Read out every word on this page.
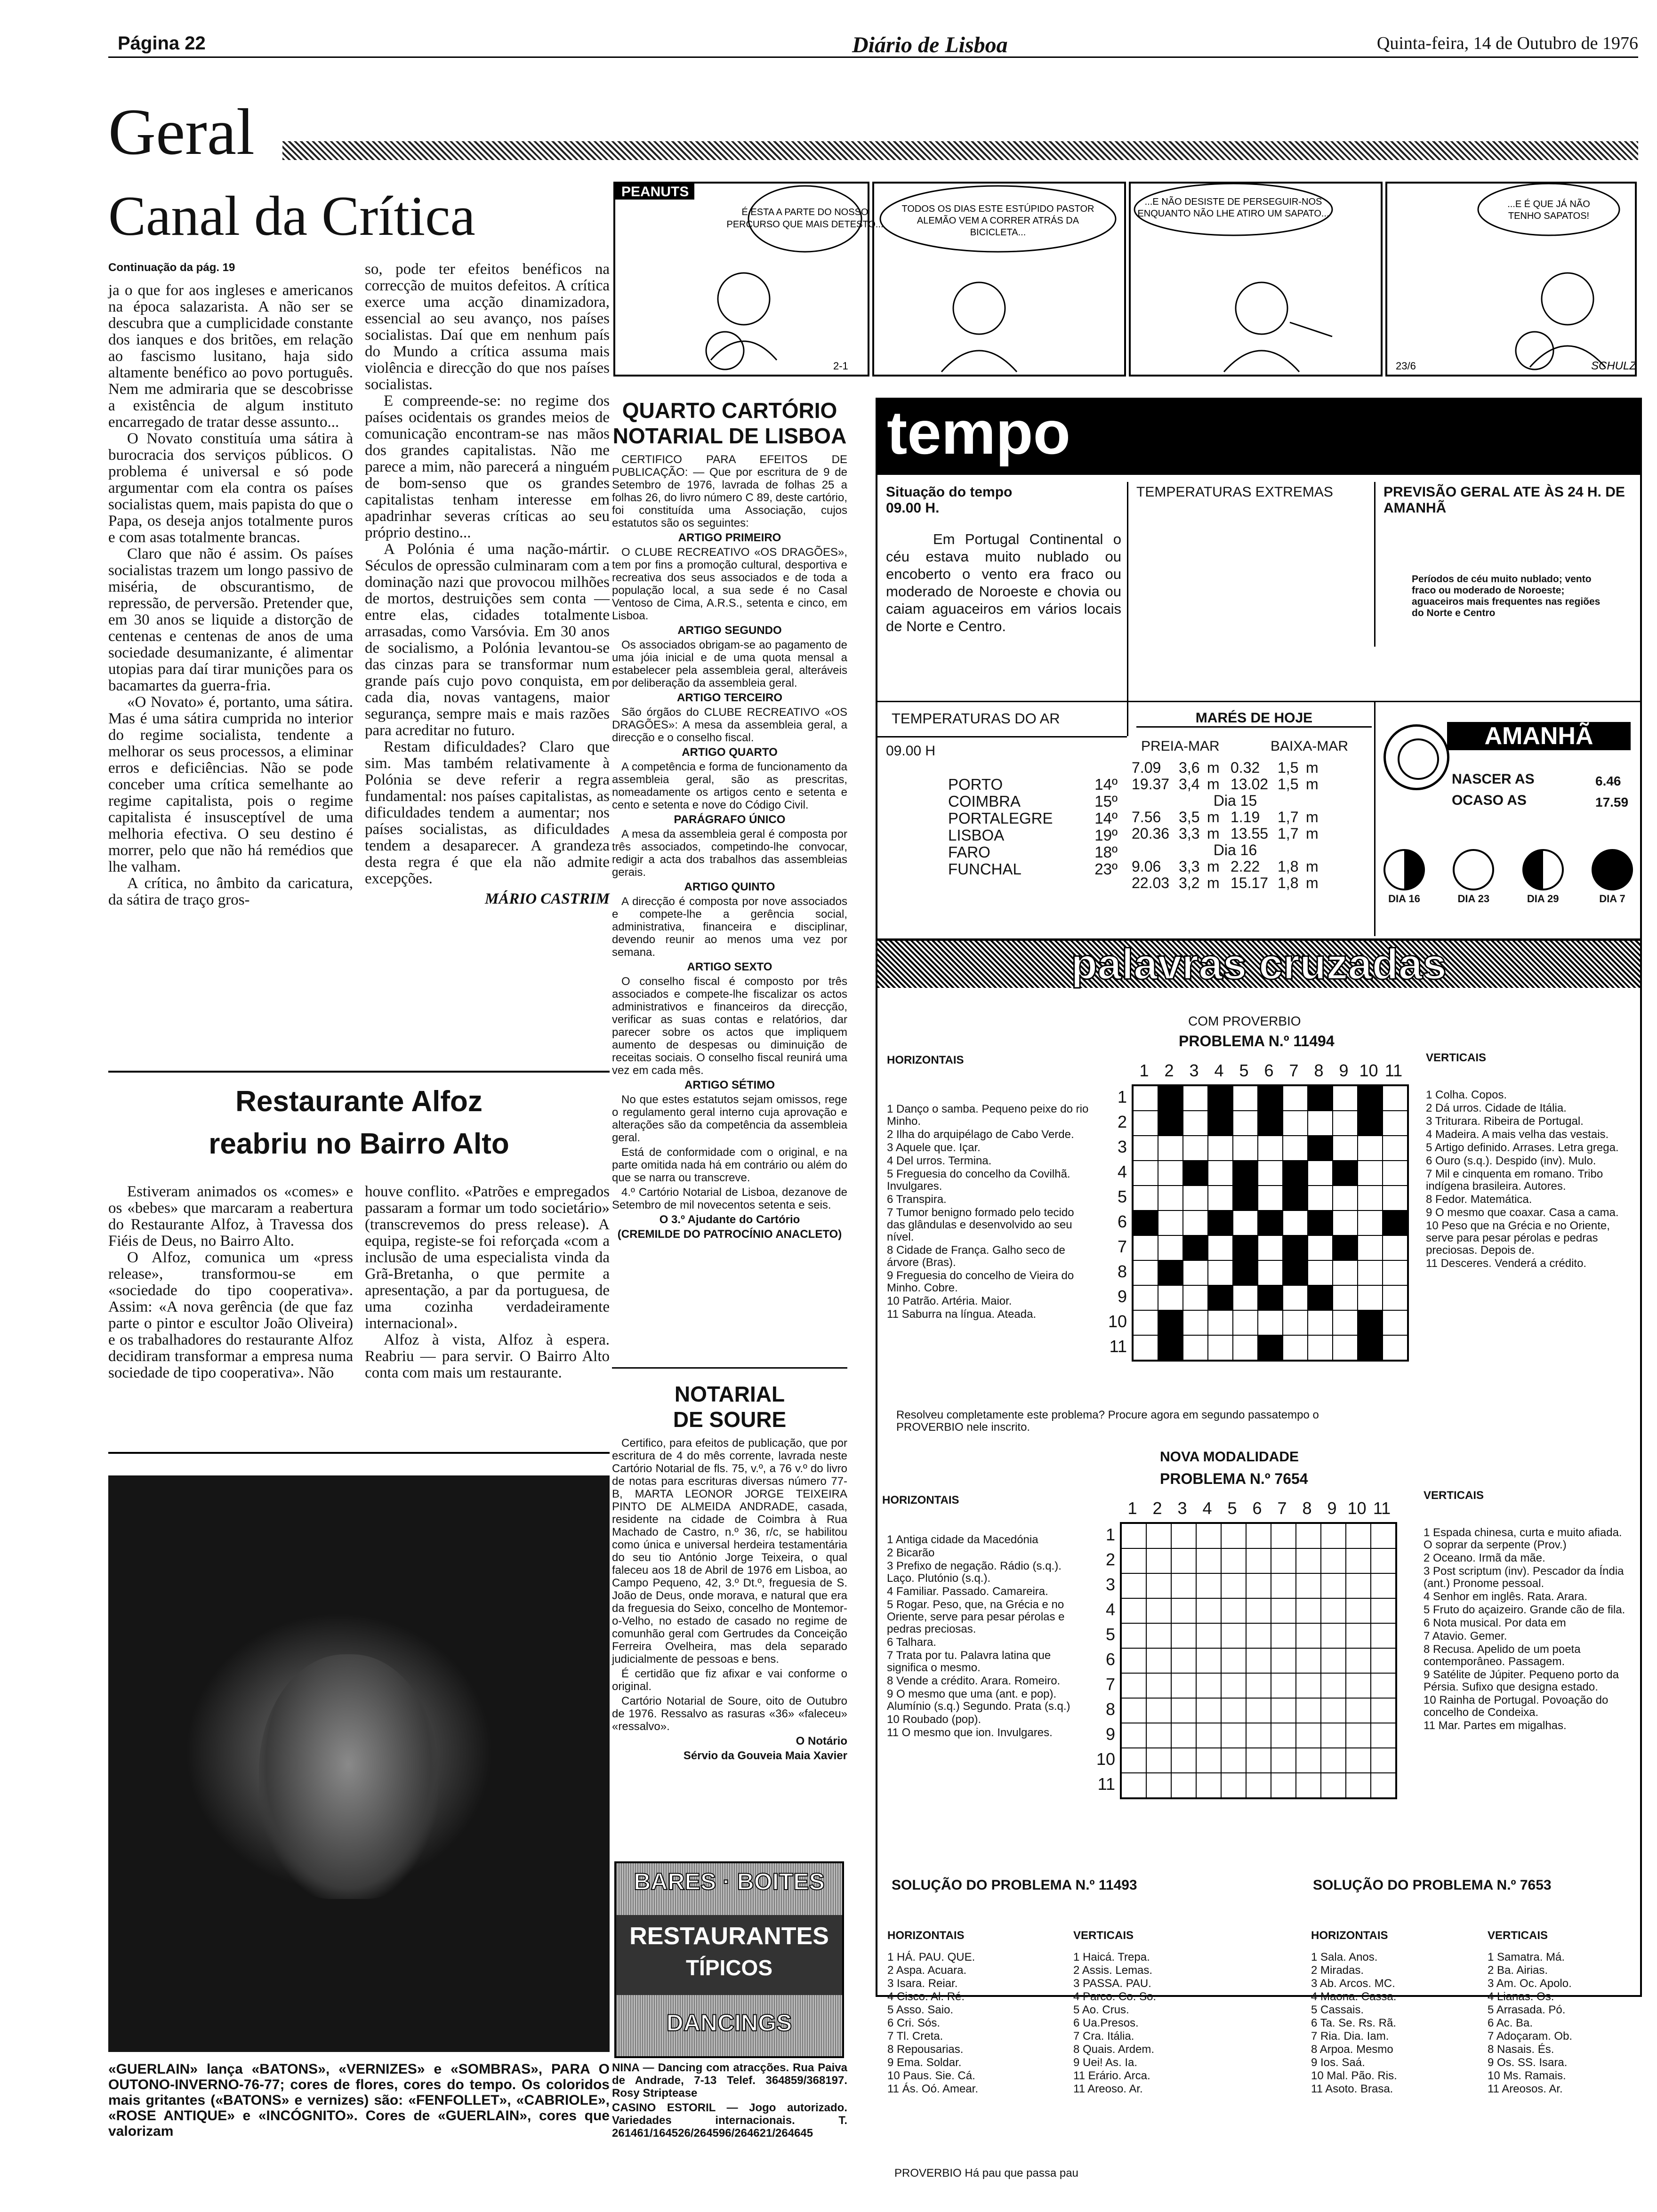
Página 22	Diário de Lisboa	Quinta-feira, 14 de Outubro de 1976
Geral
Canal da Crítica
Continuação da pág. 19

ja o que for aos ingleses e americanos na época salazarista. A não ser se descubra que a cumplicidade constante dos ianques e dos britões, em relação ao fascismo lusitano, haja sido altamente benéfico ao povo português. Nem me admiraria que se descobrisse a existência de algum instituto encarregado de tratar desse assunto...

O Novato constituía uma sátira à burocracia dos serviços públicos. O problema é universal e só pode argumentar com ela contra os países socialistas quem, mais papista do que o Papa, os deseja anjos totalmente puros e com asas totalmente brancas.

Claro que não é assim. Os países socialistas trazem um longo passivo de miséria, de obscurantismo, de repressão, de perversão. Pretender que, em 30 anos se liquide a distorção de centenas e centenas de anos de uma sociedade desumanizante, é alimentar utopias para daí tirar munições para os bacamartes da guerra-fria.

«O Novato» é, portanto, uma sátira. Mas é uma sátira cumprida no interior do regime socialista, tendente a melhorar os seus processos, a eliminar erros e deficiências. Não se pode conceber uma crítica semelhante ao regime capitalista, pois o regime capitalista é insusceptível de uma melhoria efectiva. O seu destino é morrer, pelo que não há remédios que lhe valham.

A crítica, no âmbito da caricatura, da sátira de traço gros-

so, pode ter efeitos benéficos na correcção de muitos defeitos. A crítica exerce uma acção dinamizadora, essencial ao seu avanço, nos países socialistas. Daí que em nenhum país do Mundo a crítica assuma mais violência e direcção do que nos países socialistas.

E compreende-se: no regime dos países ocidentais os grandes meios de comunicação encontram-se nas mãos dos grandes capitalistas. Não me parece a mim, não parecerá a ninguém de bom-senso que os grandes capitalistas tenham interesse em apadrinhar severas críticas ao seu próprio destino...

A Polónia é uma nação-mártir. Séculos de opressão culminaram com a dominação nazi que provocou milhões de mortos, destruições sem conta — entre elas, cidades totalmente arrasadas, como Varsóvia. Em 30 anos de socialismo, a Polónia levantou-se das cinzas para se transformar num grande país cujo povo conquista, em cada dia, novas vantagens, maior segurança, sempre mais e mais razões para acreditar no futuro.

Restam dificuldades? Claro que sim. Mas também relativamente à Polónia se deve referir a regra fundamental: nos países capitalistas, as dificuldades tendem a aumentar; nos países socialistas, as dificuldades tendem a desaparecer. A grandeza desta regra é que ela não admite excepções.

MÁRIO CASTRIM
Restaurante Alfoz
reabriu no Bairro Alto

Estiveram animados os «comes» e os «bebes» que marcaram a reabertura do Restaurante Alfoz, à Travessa dos Fiéis de Deus, no Bairro Alto.

O Alfoz, comunica um «press release», transformou-se em «sociedade do tipo cooperativa». Assim: «A nova gerência (de que faz parte o pintor e escultor João Oliveira) e os trabalhadores do restaurante Alfoz decidiram transformar a empresa numa sociedade de tipo cooperativa». Não

houve conflito. «Patrões e empregados passaram a formar um todo societário» (transcrevemos do press release). A equipa, registe-se foi reforçada «com a inclusão de uma especialista vinda da Grã-Bretanha, o que permite a apresentação, a par da portuguesa, de uma cozinha verdadeiramente internacional».

Alfoz à vista, Alfoz à espera. Reabriu — para servir. O Bairro Alto conta com mais um restaurante.

«GUERLAIN» lança «BATONS», «VERNIZES» e «SOMBRAS», PARA O OUTONO-INVERNO-76-77; cores de flores, cores do tempo. Os coloridos mais gritantes («BATONS» e vernizes) são: «FENFOLLET», «CABRIOLE», «ROSE ANTIQUE» e «INCÓGNITO». Cores de «GUERLAIN», cores que valorizam
PEANUTS
É ESTA A PARTE DO NOSSO
PERCURSO QUE MAIS DETESTO...
TODOS OS DIAS ESTE ESTÚPIDO PASTOR
ALEMÃO VEM A CORRER ATRÁS DA
BICICLETA...
...E NÃO DESISTE DE PERSEGUIR-NOS
ENQUANTO NÃO LHE ATIRO UM SAPATO...
...E É QUE JÁ NÃO
TENHO SAPATOS!
2-1	23/6	SCHULZ
QUARTO CARTÓRIO
NOTARIAL DE LISBOA

CERTIFICO PARA EFEITOS DE PUBLICAÇÃO: — Que por escritura de 9 de Setembro de 1976, lavrada de folhas 25 a folhas 26, do livro número C 89, deste cartório, foi constituída uma Associação, cujos estatutos são os seguintes:

ARTIGO PRIMEIRO

O CLUBE RECREATIVO «OS DRAGÕES», tem por fins a promoção cultural, desportiva e recreativa dos seus associados e de toda a população local, a sua sede é no Casal Ventoso de Cima, A.R.S., setenta e cinco, em Lisboa.

ARTIGO SEGUNDO

Os associados obrigam-se ao pagamento de uma jóia inicial e de uma quota mensal a estabelecer pela assembleia geral, alteráveis por deliberação da assembleia geral.

ARTIGO TERCEIRO

São órgãos do CLUBE RECREATIVO «OS DRAGÕES»: A mesa da assembleia geral, a direcção e o conselho fiscal.

ARTIGO QUARTO

A competência e forma de funcionamento da assembleia geral, são as prescritas, nomeadamente os artigos cento e setenta e cento e setenta e nove do Código Civil.

PARÁGRAFO ÚNICO

A mesa da assembleia geral é composta por três associados, competindo-lhe convocar, redigir a acta dos trabalhos das assembleias gerais.

ARTIGO QUINTO

A direcção é composta por nove associados e compete-lhe a gerência social, administrativa, financeira e disciplinar, devendo reunir ao menos uma vez por semana.

ARTIGO SEXTO

O conselho fiscal é composto por três associados e compete-lhe fiscalizar os actos administrativos e financeiros da direcção, verificar as suas contas e relatórios, dar parecer sobre os actos que impliquem aumento de despesas ou diminuição de receitas sociais. O conselho fiscal reunirá uma vez em cada mês.

ARTIGO SÉTIMO

No que estes estatutos sejam omissos, rege o regulamento geral interno cuja aprovação e alterações são da competência da assembleia geral.

Está de conformidade com o original, e na parte omitida nada há em contrário ou além do que se narra ou transcreve.

4.º Cartório Notarial de Lisboa, dezanove de Setembro de mil novecentos setenta e seis.

O 3.º Ajudante do Cartório

(CREMILDE DO PATROCÍNIO ANACLETO)

NOTARIAL
DE SOURE

Certifico, para efeitos de publicação, que por escritura de 4 do mês corrente, lavrada neste Cartório Notarial de fls. 75, v.º, a 76 v.º do livro de notas para escrituras diversas número 77-B, MARTA LEONOR JORGE TEIXEIRA PINTO DE ALMEIDA ANDRADE, casada, residente na cidade de Coimbra à Rua Machado de Castro, n.º 36, r/c, se habilitou como única e universal herdeira testamentária do seu tio António Jorge Teixeira, o qual faleceu aos 18 de Abril de 1976 em Lisboa, ao Campo Pequeno, 42, 3.º Dt.º, freguesia de S. João de Deus, onde morava, e natural que era da freguesia do Seixo, concelho de Montemor-o-Velho, no estado de casado no regime de comunhão geral com Gertrudes da Conceição Ferreira Ovelheira, mas dela separado judicialmente de pessoas e bens.

É certidão que fiz afixar e vai conforme o original.

Cartório Notarial de Soure, oito de Outubro de 1976. Ressalvo as rasuras «36» «faleceu» «ressalvo».

O Notário

Sérvio da Gouveia Maia Xavier

BARES · BOITES
RESTAURANTES
TÍPICOS
DANCINGS

NINA — Dancing com atracções. Rua Paiva de Andrade, 7-13 Telef. 364859/368197. Rosy Striptease

CASINO ESTORIL — Jogo autorizado. Variedades internacionais. T. 261461/164526/264596/264621/264645

tempo
Situação do tempo
09.00 H.
Em Portugal Continental o céu estava muito nublado ou encoberto o vento era fraco ou moderado de Noroeste e chovia ou caiam aguaceiros em vários locais de Norte e Centro.
TEMPERATURAS EXTREMAS	PREVISÃO GERAL ATE ÀS 24 H. DE AMANHÃ
Períodos de céu muito nublado; vento fraco ou moderado de Noroeste; aguaceiros mais frequentes nas regiões do Norte e Centro
TEMPERATURAS DO AR
09.00 H
PORTO	14º
COIMBRA	15º
PORTALEGRE	14º
LISBOA	19º
FARO	18º
FUNCHAL	23º
MARÉS DE HOJE
PREIA-MAR	BAIXA-MAR
7.09	3,6 m 0.32	1,5 m
19.37 3,4 m 13.02 1,5 m
Dia 15
7.56	3,5 m 1.19	1,7 m
20.36 3,3 m 13.55 1,7 m
Dia 16
9.06	3,3 m 2.22	1,8 m
22.03 3,2 m 15.17 1,8 m
AMANHÃ
NASCER AS	6.46
OCASO AS	17.59
DIA 16	DIA 23	DIA 29	DIA 7
palavras cruzadas
COM PROVERBIO
PROBLEMA N.º 11494
HORIZONTAIS	VERTICAIS
1 2 3 4 5 6 7 8 9 10 11
1
2
3
4
5
6
7
8
9
10
11
1 Danço o samba. Pequeno peixe do rio Minho.
2 Ilha do arquipélago de Cabo Verde.
3 Aquele que. Içar.
4 Del urros. Termina.
5 Freguesia do concelho da Covilhã. Invulgares.
6 Transpira.
7 Tumor benigno formado pelo tecido das glândulas e desenvolvido ao seu nível.
8 Cidade de França. Galho seco de árvore (Bras).
9 Freguesia do concelho de Vieira do Minho. Cobre.
10 Patrão. Artéria. Maior.
11 Saburra na língua. Ateada.
1 Colha. Copos.
2 Dá urros. Cidade de Itália.
3 Triturara. Ribeira de Portugal.
4 Madeira. A mais velha das vestais.
5 Artigo definido. Arrases. Letra grega.
6 Ouro (s.q.). Despido (inv). Mulo.
7 Mil e cinquenta em romano. Tribo indígena brasileira. Autores.
8 Fedor. Matemática.
9 O mesmo que coaxar. Casa a cama.
10 Peso que na Grécia e no Oriente, serve para pesar pérolas e pedras preciosas. Depois de.
11 Desceres. Venderá a crédito.
Resolveu completamente este problema? Procure agora em segundo passatempo o PROVERBIO nele inscrito.
NOVA MODALIDADE
PROBLEMA N.º 7654
HORIZONTAIS	VERTICAIS
1 2 3 4 5 6 7 8 9 10 11
1
2
3
4
5
6
7
8
9
10
11
1 Antiga cidade da Macedónia
2 Bicarão
3 Prefixo de negação. Rádio (s.q.). Laço. Plutónio (s.q.).
4 Familiar. Passado. Camareira.
5 Rogar. Peso, que, na Grécia e no Oriente, serve para pesar pérolas e pedras preciosas.
6 Talhara.
7 Trata por tu. Palavra latina que significa o mesmo.
8 Vende a crédito. Arara. Romeiro.
9 O mesmo que uma (ant. e pop). Alumínio (s.q.) Segundo. Prata (s.q.)
10 Roubado (pop).
11 O mesmo que ion. Invulgares.
1 Espada chinesa, curta e muito afiada. O soprar da serpente (Prov.)
2 Oceano. Irmã da mãe.
3 Post scriptum (inv). Pescador da Índia (ant.) Pronome pessoal.
4 Senhor em inglês. Rata. Arara.
5 Fruto do açaizeiro. Grande cão de fila.
6 Nota musical. Por data em
7 Atavio. Gemer.
8 Recusa. Apelido de um poeta contemporâneo. Passagem.
9 Satélite de Júpiter. Pequeno porto da Pérsia. Sufixo que designa estado.
10 Rainha de Portugal. Povoação do concelho de Condeixa.
11 Mar. Partes em migalhas.
SOLUÇÃO DO PROBLEMA N.º 11493	SOLUÇÃO DO PROBLEMA N.º 7653
HORIZONTAIS
1 HÁ. PAU. QUE.
2 Aspa. Acuara.
3 Isara. Reiar.
4 Cisco. Al. Ré.
5 Asso. Saio.
6 Cri. Sós.
7 Tl. Creta.
8 Repousarias.
9 Ema. Soldar.
10 Paus. Sie. Cá.
11 Ás. Oó. Amear.
VERTICAIS
1 Haicá. Trepa.
2 Assis. Lemas.
3 PASSA. PAU.
4 Parco. Co. So.
5 Ao. Crus.
6 Ua.Presos.
7 Cra. Itália.
8 Quais. Ardem.
9 Uei! As. Ia.
11 Erário. Arca.
11 Areoso. Ar.
HORIZONTAIS
1 Sala. Anos.
2 Miradas.
3 Ab. Arcos. MC.
4 Maona. Cassa.
5 Cassais.
6 Ta. Se. Rs. Rã.
7 Ria. Dia. Iam.
8 Arpoa. Mesmo
9 Ios. Saá.
10 Mal. Pão. Ris.
11 Asoto. Brasa.
VERTICAIS
1 Samatra. Má.
2 Ba. Airias.
3 Am. Oc. Apolo.
4 Lianas. Os.
5 Arrasada. Pó.
6 Ac. Ba.
7 Adoçaram. Ob.
8 Nasais. És.
9 Os. SS. Isara.
10 Ms. Ramais.
11 Areosos. Ar.
PROVERBIO Há pau que passa pau
